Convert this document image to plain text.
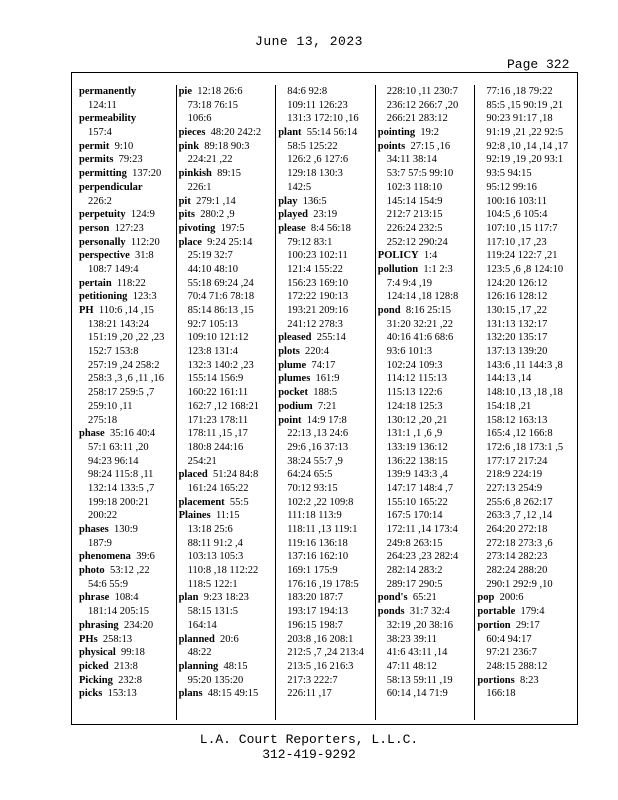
June 13, 2023
Page 322
permanently
124:11
permeability
157:4
permit  9:10
permits  79:23
permitting  137:20
perpendicular
226:2
perpetuity  124:9
person  127:23
personally  112:20
perspective  31:8
108:7 149:4
pertain  118:22
petitioning  123:3
PH  110:6 ,14 ,15
138:21 143:24
151:19 ,20 ,22 ,23
152:7 153:8
257:19 ,24 258:2
258:3 ,3 ,6 ,11 ,16
258:17 259:5 ,7
259:10 ,11
275:18
phase  35:16 40:4
57:1 63:11 ,20
94:23 96:14
98:24 115:8 ,11
132:14 133:5 ,7
199:18 200:21
200:22
phases  130:9
187:9
phenomena  39:6
photo  53:12 ,22
54:6 55:9
phrase  108:4
181:14 205:15
phrasing  234:20
PHs  258:13
physical  99:18
picked  213:8
Picking  232:8
picks  153:13
pie  12:18 26:6
73:18 76:15
106:6
pieces  48:20 242:2
pink  89:18 90:3
224:21 ,22
pinkish  89:15
226:1
pit  279:1 ,14
pits  280:2 ,9
pivoting  197:5
place  9:24 25:14
25:19 32:7
44:10 48:10
55:18 69:24 ,24
70:4 71:6 78:18
85:14 86:13 ,15
92:7 105:13
109:10 121:12
123:8 131:4
132:3 140:2 ,23
155:14 156:9
160:22 161:11
162:7 ,12 168:21
171:23 178:11
178:11 ,15 ,17
180:8 244:16
254:21
placed  51:24 84:8
161:24 165:22
placement  55:5
Plaines  11:15
13:18 25:6
88:11 91:2 ,4
103:13 105:3
110:8 ,18 112:22
118:5 122:1
plan  9:23 18:23
58:15 131:5
164:14
planned  20:6
48:22
planning  48:15
95:20 135:20
plans  48:15 49:15
84:6 92:8
109:11 126:23
131:3 172:10 ,16
plant  55:14 56:14
58:5 125:22
126:2 ,6 127:6
129:18 130:3
142:5
play  136:5
played  23:19
please  8:4 56:18
79:12 83:1
100:23 102:11
121:4 155:22
156:23 169:10
172:22 190:13
193:21 209:16
241:12 278:3
pleased  255:14
plots  220:4
plume  74:17
plumes  161:9
pocket  188:5
podium  7:21
point  14:9 17:8
22:13 ,13 24:6
29:6 ,16 37:13
38:24 55:7 ,9
64:24 65:5
70:12 93:15
102:2 ,22 109:8
111:18 113:9
118:11 ,13 119:1
119:16 136:18
137:16 162:10
169:1 175:9
176:16 ,19 178:5
183:20 187:7
193:17 194:13
196:15 198:7
203:8 ,16 208:1
212:5 ,7 ,24 213:4
213:5 ,16 216:3
217:3 222:7
226:11 ,17
228:10 ,11 230:7
236:12 266:7 ,20
266:21 283:12
pointing  19:2
points  27:15 ,16
34:11 38:14
53:7 57:5 99:10
102:3 118:10
145:14 154:9
212:7 213:15
226:24 232:5
252:12 290:24
POLICY  1:4
pollution  1:1 2:3
7:4 9:4 ,19
124:14 ,18 128:8
pond  8:16 25:15
31:20 32:21 ,22
40:16 41:6 68:6
93:6 101:3
102:24 109:3
114:12 115:13
115:13 122:6
124:18 125:3
130:12 ,20 ,21
131:1 ,1 ,6 ,9
133:19 136:12
136:22 138:15
139:9 143:3 ,4
147:17 148:4 ,7
155:10 165:22
167:5 170:14
172:11 ,14 173:4
249:8 263:15
264:23 ,23 282:4
282:14 283:2
289:17 290:5
pond's  65:21
ponds  31:7 32:4
32:19 ,20 38:16
38:23 39:11
41:6 43:11 ,14
47:11 48:12
58:13 59:11 ,19
60:14 ,14 71:9
77:16 ,18 79:22
85:5 ,15 90:19 ,21
90:23 91:17 ,18
91:19 ,21 ,22 92:5
92:8 ,10 ,14 ,14 ,17
92:19 ,19 ,20 93:1
93:5 94:15
95:12 99:16
100:16 103:11
104:5 ,6 105:4
107:10 ,15 117:7
117:10 ,17 ,23
119:24 122:7 ,21
123:5 ,6 ,8 124:10
124:20 126:12
126:16 128:12
130:15 ,17 ,22
131:13 132:17
132:20 135:17
137:13 139:20
143:6 ,11 144:3 ,8
144:13 ,14
148:10 ,13 ,18 ,18
154:18 ,21
158:12 163:13
165:4 ,12 166:8
172:6 ,18 173:1 ,5
177:17 217:24
218:9 224:19
227:13 254:9
255:6 ,8 262:17
263:3 ,7 ,12 ,14
264:20 272:18
272:18 273:3 ,6
273:14 282:23
282:24 288:20
290:1 292:9 ,10
pop  200:6
portable  179:4
portion  29:17
60:4 94:17
97:21 236:7
248:15 288:12
portions  8:23
166:18
L.A. Court Reporters, L.L.C.
312-419-9292
